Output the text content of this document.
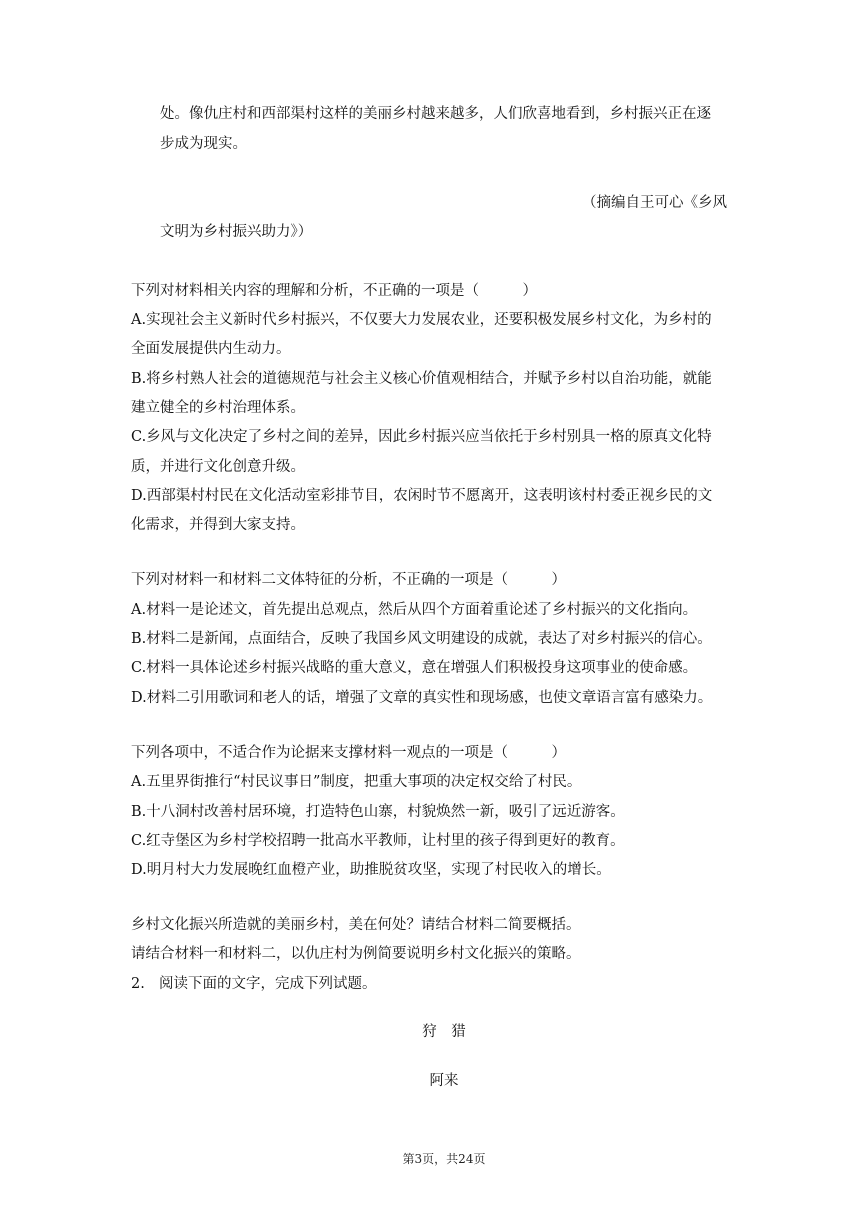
处。像仇庄村和西部渠村这样的美丽乡村越来越多，人们欣喜地看到，乡村振兴正在逐
步成为现实。
（摘编自王可心《乡风
文明为乡村振兴助力》）
下列对材料相关内容的理解和分析，不正确的一项是（　　　）
A.实现社会主义新时代乡村振兴，不仅要大力发展农业，还要积极发展乡村文化，为乡村的
全面发展提供内生动力。
B.将乡村熟人社会的道德规范与社会主义核心价值观相结合，并赋予乡村以自治功能，就能
建立健全的乡村治理体系。
C.乡风与文化决定了乡村之间的差异，因此乡村振兴应当依托于乡村别具一格的原真文化特
质，并进行文化创意升级。
D.西部渠村村民在文化活动室彩排节目，农闲时节不愿离开，这表明该村村委正视乡民的文
化需求，并得到大家支持。
下列对材料一和材料二文体特征的分析，不正确的一项是（　　　）
A.材料一是论述文，首先提出总观点，然后从四个方面着重论述了乡村振兴的文化指向。
B.材料二是新闻，点面结合，反映了我国乡风文明建设的成就，表达了对乡村振兴的信心。
C.材料一具体论述乡村振兴战略的重大意义，意在增强人们积极投身这项事业的使命感。
D.材料二引用歌词和老人的话，增强了文章的真实性和现场感，也使文章语言富有感染力。
下列各项中，不适合作为论据来支撑材料一观点的一项是（　　　）
A.五里界街推行“村民议事日”制度，把重大事项的决定权交给了村民。
B.十八洞村改善村居环境，打造特色山寨，村貌焕然一新，吸引了远近游客。
C.红寺堡区为乡村学校招聘一批高水平教师，让村里的孩子得到更好的教育。
D.明月村大力发展晚红血橙产业，助推脱贫攻坚，实现了村民收入的增长。
乡村文化振兴所造就的美丽乡村，美在何处？请结合材料二简要概括。
请结合材料一和材料二，以仇庄村为例简要说明乡村文化振兴的策略。
2. 阅读下面的文字，完成下列试题。
狩　猎
阿来
第3页，共24页
